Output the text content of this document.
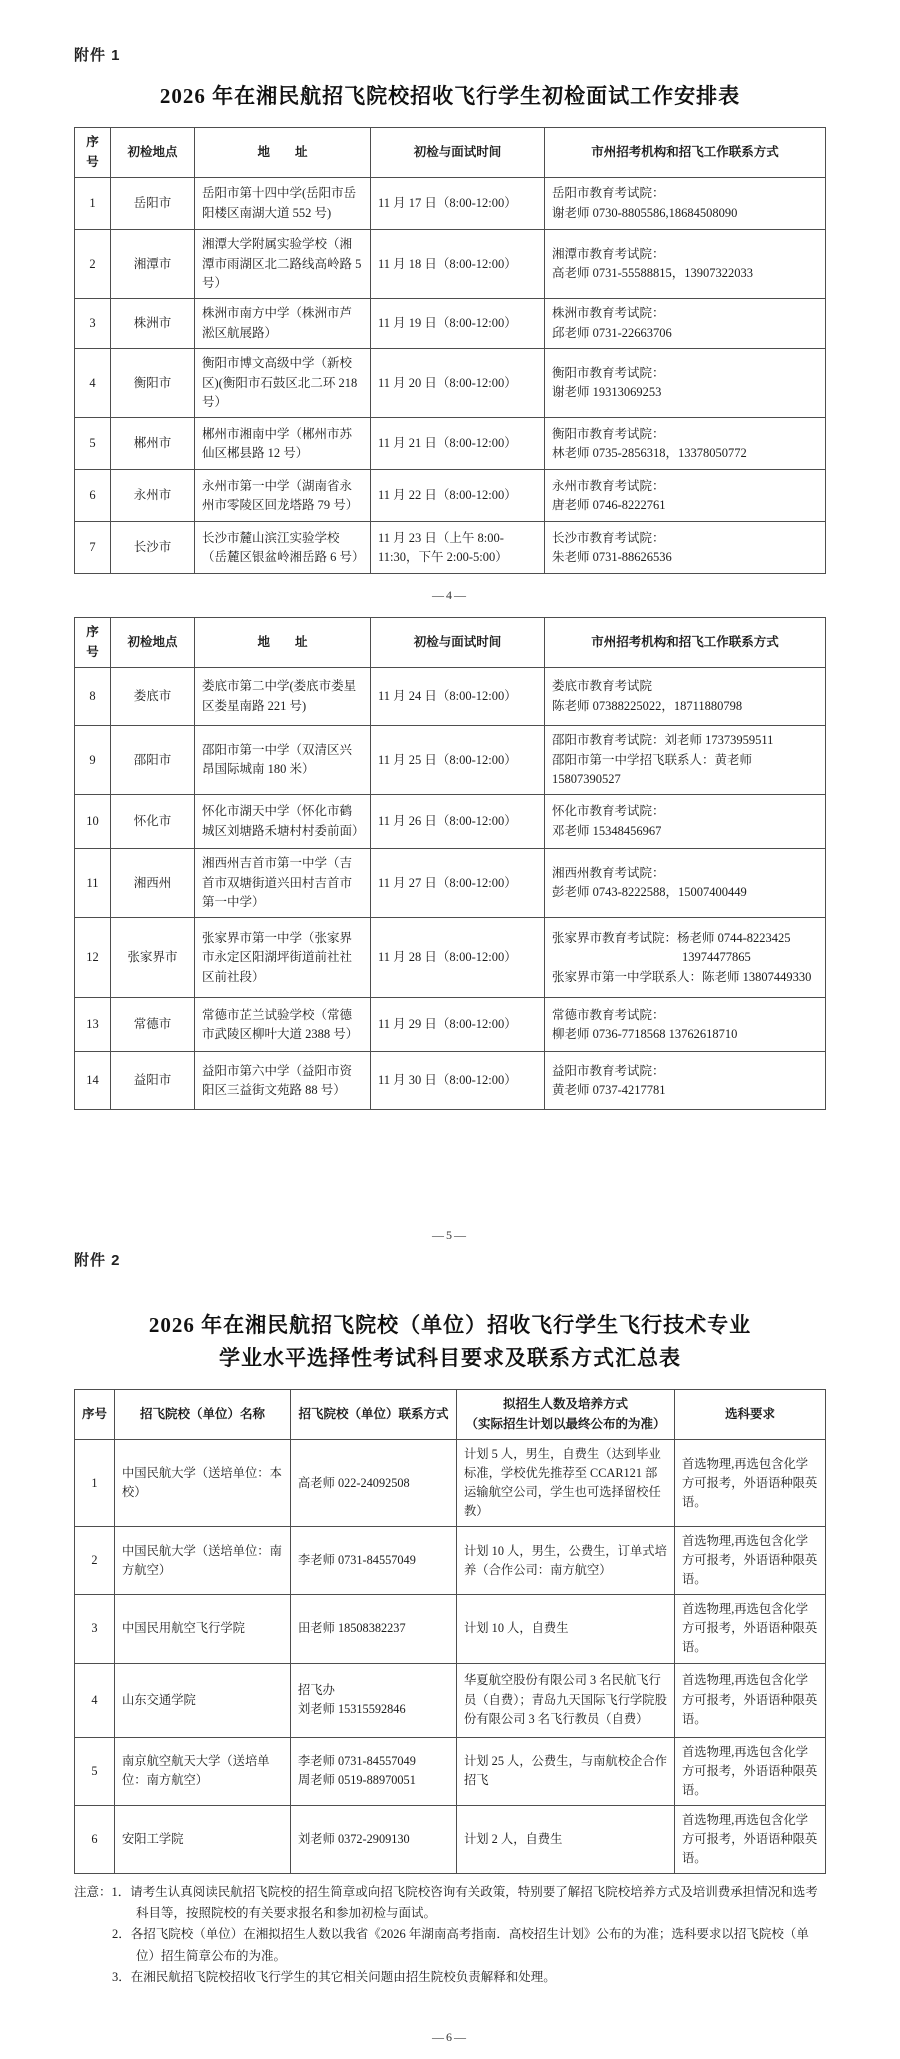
附件 1
2026 年在湘民航招飞院校招收飞行学生初检面试工作安排表
序号	初检地点	地　　址	初检与面试时间	市州招考机构和招飞工作联系方式
1	岳阳市	岳阳市第十四中学(岳阳市岳阳楼区南湖大道 552 号)	11 月 17 日（8:00-12:00）	岳阳市教育考试院：
谢老师 0730-8805586,18684508090

2	湘潭市	湘潭大学附属实验学校（湘潭市雨湖区北二路线高岭路 5 号）	11 月 18 日（8:00-12:00）	湘潭市教育考试院：
高老师 0731-55588815，13907322033

3	株洲市	株洲市南方中学（株洲市芦淞区航展路）	11 月 19 日（8:00-12:00）	株洲市教育考试院：
邱老师 0731-22663706

4	衡阳市	衡阳市博文高级中学（新校区)(衡阳市石鼓区北二环 218 号）	11 月 20 日（8:00-12:00）	衡阳市教育考试院：
谢老师 19313069253

5	郴州市	郴州市湘南中学（郴州市苏仙区郴县路 12 号）	11 月 21 日（8:00-12:00）	衡阳市教育考试院：
林老师 0735-2856318，13378050772

6	永州市	永州市第一中学（湖南省永州市零陵区回龙塔路 79 号）	11 月 22 日（8:00-12:00）	永州市教育考试院：
唐老师 0746-8222761

7	长沙市	长沙市麓山滨江实验学校（岳麓区银盆岭湘岳路 6 号）	11 月 23 日（上午 8:00-11:30，下午 2:00-5:00）	长沙市教育考试院：
朱老师 0731-88626536
—4—
序号	初检地点	地　　址	初检与面试时间	市州招考机构和招飞工作联系方式
8	娄底市	娄底市第二中学(娄底市娄星区娄星南路 221 号)	11 月 24 日（8:00-12:00）	娄底市教育考试院
陈老师 07388225022，18711880798

9	邵阳市	邵阳市第一中学（双清区兴昂国际城南 180 米）	11 月 25 日（8:00-12:00）	邵阳市教育考试院：刘老师 17373959511
邵阳市第一中学招飞联系人：黄老师 15807390527

10	怀化市	怀化市湖天中学（怀化市鹤城区刘塘路禾塘村村委前面）	11 月 26 日（8:00-12:00）	怀化市教育考试院：
邓老师 15348456967

11	湘西州	湘西州吉首市第一中学（吉首市双塘街道兴田村吉首市第一中学）	11 月 27 日（8:00-12:00）	湘西州教育考试院：
彭老师 0743-8222588，15007400449

12	张家界市	张家界市第一中学（张家界市永定区阳湖坪街道前社社区前社段）	11 月 28 日（8:00-12:00）	张家界市教育考试院：杨老师 0744-8223425
13974477865
张家界市第一中学联系人：陈老师 13807449330

13	常德市	常德市芷兰试验学校（常德市武陵区柳叶大道 2388 号）	11 月 29 日（8:00-12:00）	常德市教育考试院：
柳老师 0736-7718568 13762618710

14	益阳市	益阳市第六中学（益阳市资阳区三益街文苑路 88 号）	11 月 30 日（8:00-12:00）	益阳市教育考试院：
黄老师 0737-4217781
—5—
附件 2
2026 年在湘民航招飞院校（单位）招收飞行学生飞行技术专业
学业水平选择性考试科目要求及联系方式汇总表
序号	招飞院校（单位）名称	招飞院校（单位）联系方式	拟招生人数及培养方式
（实际招生计划以最终公布的为准）	选科要求
1	中国民航大学（送培单位：本校）	高老师 022-24092508	计划 5 人，男生，自费生（达到毕业标准，学校优先推荐至 CCAR121 部运输航空公司，学生也可选择留校任教）	首选物理,再选包含化学方可报考，外语语种限英语。
2	中国民航大学（送培单位：南方航空）	李老师 0731-84557049	计划 10 人，男生，公费生，订单式培养（合作公司：南方航空）	首选物理,再选包含化学方可报考，外语语种限英语。
3	中国民用航空飞行学院	田老师 18508382237	计划 10 人，自费生	首选物理,再选包含化学方可报考，外语语种限英语。
4	山东交通学院	招飞办
刘老师 15315592846	华夏航空股份有限公司 3 名民航飞行员（自费）；青岛九天国际飞行学院股份有限公司 3 名飞行教员（自费）	首选物理,再选包含化学方可报考，外语语种限英语。
5	南京航空航天大学（送培单位：南方航空）	李老师 0731-84557049
周老师 0519-88970051	计划 25 人，公费生，与南航校企合作招飞	首选物理,再选包含化学方可报考，外语语种限英语。
6	安阳工学院	刘老师 0372-2909130	计划 2 人，自费生	首选物理,再选包含化学方可报考，外语语种限英语。
注意：1．请考生认真阅读民航招飞院校的招生简章或向招飞院校咨询有关政策，特别要了解招飞院校培养方式及培训费承担情况和选考科目等，按照院校的有关要求报名和参加初检与面试。
2．各招飞院校（单位）在湘拟招生人数以我省《2026 年湖南高考指南．高校招生计划》公布的为准；选科要求以招飞院校（单位）招生简章公布的为准。
3．在湘民航招飞院校招收飞行学生的其它相关问题由招生院校负责解释和处理。
—6—
